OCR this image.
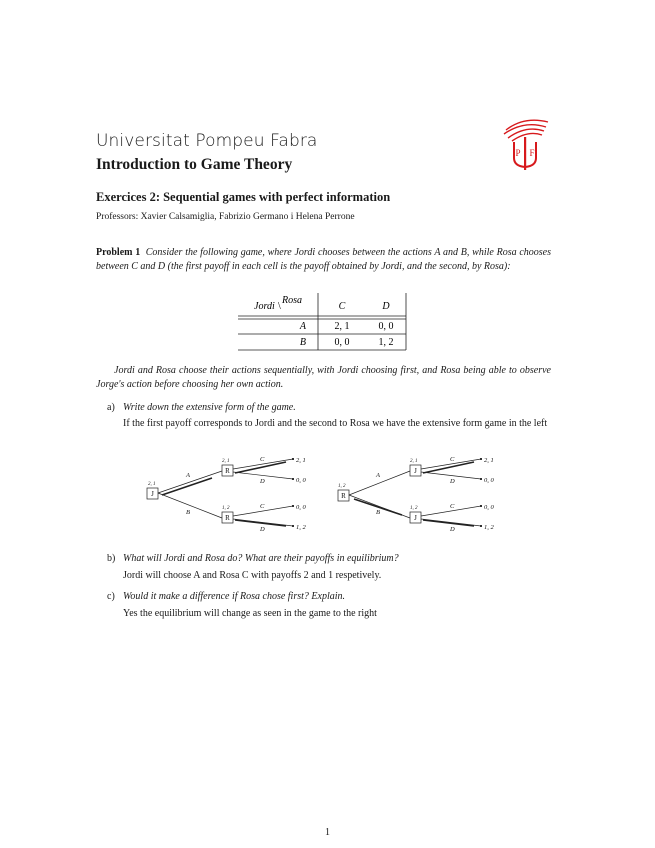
Universitat Pompeu Fabra
Introduction to Game Theory
P F
Exercices 2: Sequential games with perfect information
Professors: Xavier Calsamiglia, Fabrizio Germano i Helena Perrone
Problem 1 Consider the following game, where Jordi chooses between the actions A and B, while Rosa chooses between C and D (the first payoff in each cell is the payoff obtained by Jordi, and the second, by Rosa):
Jordi \
Rosa
C	D
A	2, 1	0, 0
B	0, 0	1, 2
Jordi and Rosa choose their actions sequentially, with Jordi choosing first, and Rosa being able to observe Jorge's action before choosing her own action.
a) Write down the extensive form of the game.
If the first payoff corresponds to Jordi and the second to Rosa we have the extensive form game in the left
2, 1
J
A
B
2, 1
R
C
D
2, 1
0, 0
1, 2
R
C
D
0, 0
1, 2
1, 2
R
A
B
2, 1
J
C
D
2, 1
0, 0
1, 2
J
C
D
0, 0
1, 2
b) What will Jordi and Rosa do? What are their payoffs in equilibrium?
Jordi will choose A and Rosa C with payoffs 2 and 1 respetively.
c) Would it make a difference if Rosa chose first? Explain.
Yes the equilibrium will change as seen in the game to the right
1
